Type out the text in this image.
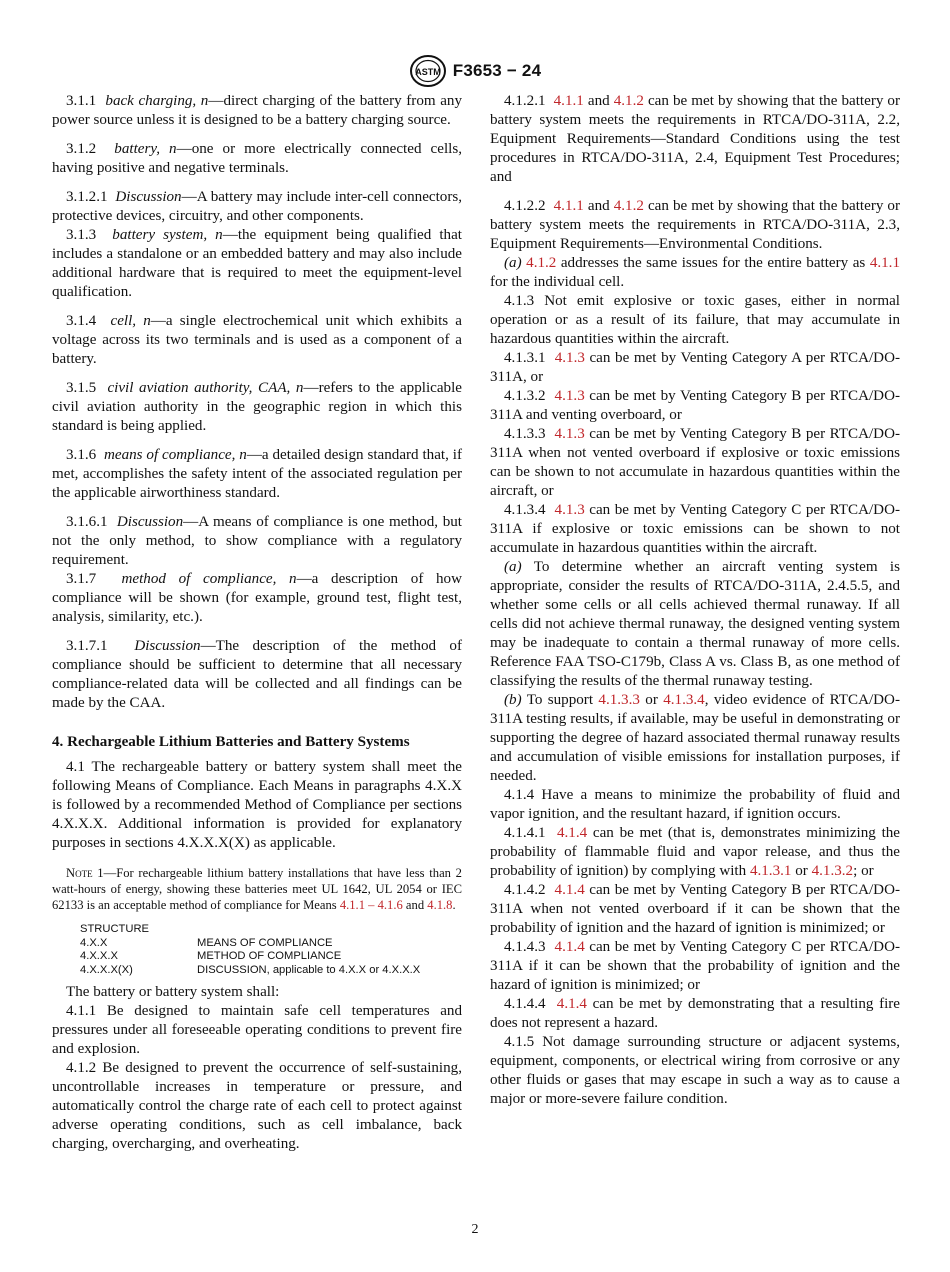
ASTM F3653 − 24

3.1.1 back charging, n—direct charging of the battery from any power source unless it is designed to be a battery charging source.

3.1.2 battery, n—one or more electrically connected cells, having positive and negative terminals.

3.1.2.1 Discussion—A battery may include inter-cell connectors, protective devices, circuitry, and other components.

3.1.3 battery system, n—the equipment being qualified that includes a standalone or an embedded battery and may also include additional hardware that is required to meet the equipment-level qualification.

3.1.4 cell, n—a single electrochemical unit which exhibits a voltage across its two terminals and is used as a component of a battery.

3.1.5 civil aviation authority, CAA, n—refers to the applicable civil aviation authority in the geographic region in which this standard is being applied.

3.1.6 means of compliance, n—a detailed design standard that, if met, accomplishes the safety intent of the associated regulation per the applicable airworthiness standard.

3.1.6.1 Discussion—A means of compliance is one method, but not the only method, to show compliance with a regulatory requirement.

3.1.7 method of compliance, n—a description of how compliance will be shown (for example, ground test, flight test, analysis, similarity, etc.).

3.1.7.1 Discussion—The description of the method of compliance should be sufficient to determine that all necessary compliance-related data will be collected and all findings can be made by the CAA.

4. Rechargeable Lithium Batteries and Battery Systems

4.1 The rechargeable battery or battery system shall meet the following Means of Compliance. Each Means in paragraphs 4.X.X is followed by a recommended Method of Compliance per sections 4.X.X.X. Additional information is provided for explanatory purposes in sections 4.X.X.X(X) as applicable.

Note 1—For rechargeable lithium battery installations that have less than 2 watt-hours of energy, showing these batteries meet UL 1642, UL 2054 or IEC 62133 is an acceptable method of compliance for Means 4.1.1 – 4.1.6 and 4.1.8.
STRUCTURE
4.X.X	MEANS OF COMPLIANCE
4.X.X.X	METHOD OF COMPLIANCE
4.X.X.X(X)	DISCUSSION, applicable to 4.X.X or 4.X.X.X

The battery or battery system shall:

4.1.1 Be designed to maintain safe cell temperatures and pressures under all foreseeable operating conditions to prevent fire and explosion.

4.1.2 Be designed to prevent the occurrence of self-sustaining, uncontrollable increases in temperature or pressure, and automatically control the charge rate of each cell to protect against adverse operating conditions, such as cell imbalance, back charging, overcharging, and overheating.

4.1.2.1 4.1.1 and 4.1.2 can be met by showing that the battery or battery system meets the requirements in RTCA/DO-311A, 2.2, Equipment Requirements—Standard Conditions using the test procedures in RTCA/DO-311A, 2.4, Equipment Test Procedures; and

4.1.2.2 4.1.1 and 4.1.2 can be met by showing that the battery or battery system meets the requirements in RTCA/DO-311A, 2.3, Equipment Requirements—Environmental Conditions.

(a) 4.1.2 addresses the same issues for the entire battery as 4.1.1 for the individual cell.

4.1.3 Not emit explosive or toxic gases, either in normal operation or as a result of its failure, that may accumulate in hazardous quantities within the aircraft.

4.1.3.1 4.1.3 can be met by Venting Category A per RTCA/DO-311A, or

4.1.3.2 4.1.3 can be met by Venting Category B per RTCA/DO-311A and venting overboard, or

4.1.3.3 4.1.3 can be met by Venting Category B per RTCA/DO-311A when not vented overboard if explosive or toxic emissions can be shown to not accumulate in hazardous quantities within the aircraft, or

4.1.3.4 4.1.3 can be met by Venting Category C per RTCA/DO-311A if explosive or toxic emissions can be shown to not accumulate in hazardous quantities within the aircraft.

(a) To determine whether an aircraft venting system is appropriate, consider the results of RTCA/DO-311A, 2.4.5.5, and whether some cells or all cells achieved thermal runaway. If all cells did not achieve thermal runaway, the designed venting system may be inadequate to contain a thermal runaway of more cells. Reference FAA TSO-C179b, Class A vs. Class B, as one method of classifying the results of the thermal runaway testing.

(b) To support 4.1.3.3 or 4.1.3.4, video evidence of RTCA/DO-311A testing results, if available, may be useful in demonstrating or supporting the degree of hazard associated thermal runaway results and accumulation of visible emissions for installation purposes, if needed.

4.1.4 Have a means to minimize the probability of fluid and vapor ignition, and the resultant hazard, if ignition occurs.

4.1.4.1 4.1.4 can be met (that is, demonstrates minimizing the probability of flammable fluid and vapor release, and thus the probability of ignition) by complying with 4.1.3.1 or 4.1.3.2; or

4.1.4.2 4.1.4 can be met by Venting Category B per RTCA/DO-311A when not vented overboard if it can be shown that the probability of ignition and the hazard of ignition is minimized; or

4.1.4.3 4.1.4 can be met by Venting Category C per RTCA/DO-311A if it can be shown that the probability of ignition and the hazard of ignition is minimized; or

4.1.4.4 4.1.4 can be met by demonstrating that a resulting fire does not represent a hazard.

4.1.5 Not damage surrounding structure or adjacent systems, equipment, components, or electrical wiring from corrosive or any other fluids or gases that may escape in such a way as to cause a major or more-severe failure condition.

2
